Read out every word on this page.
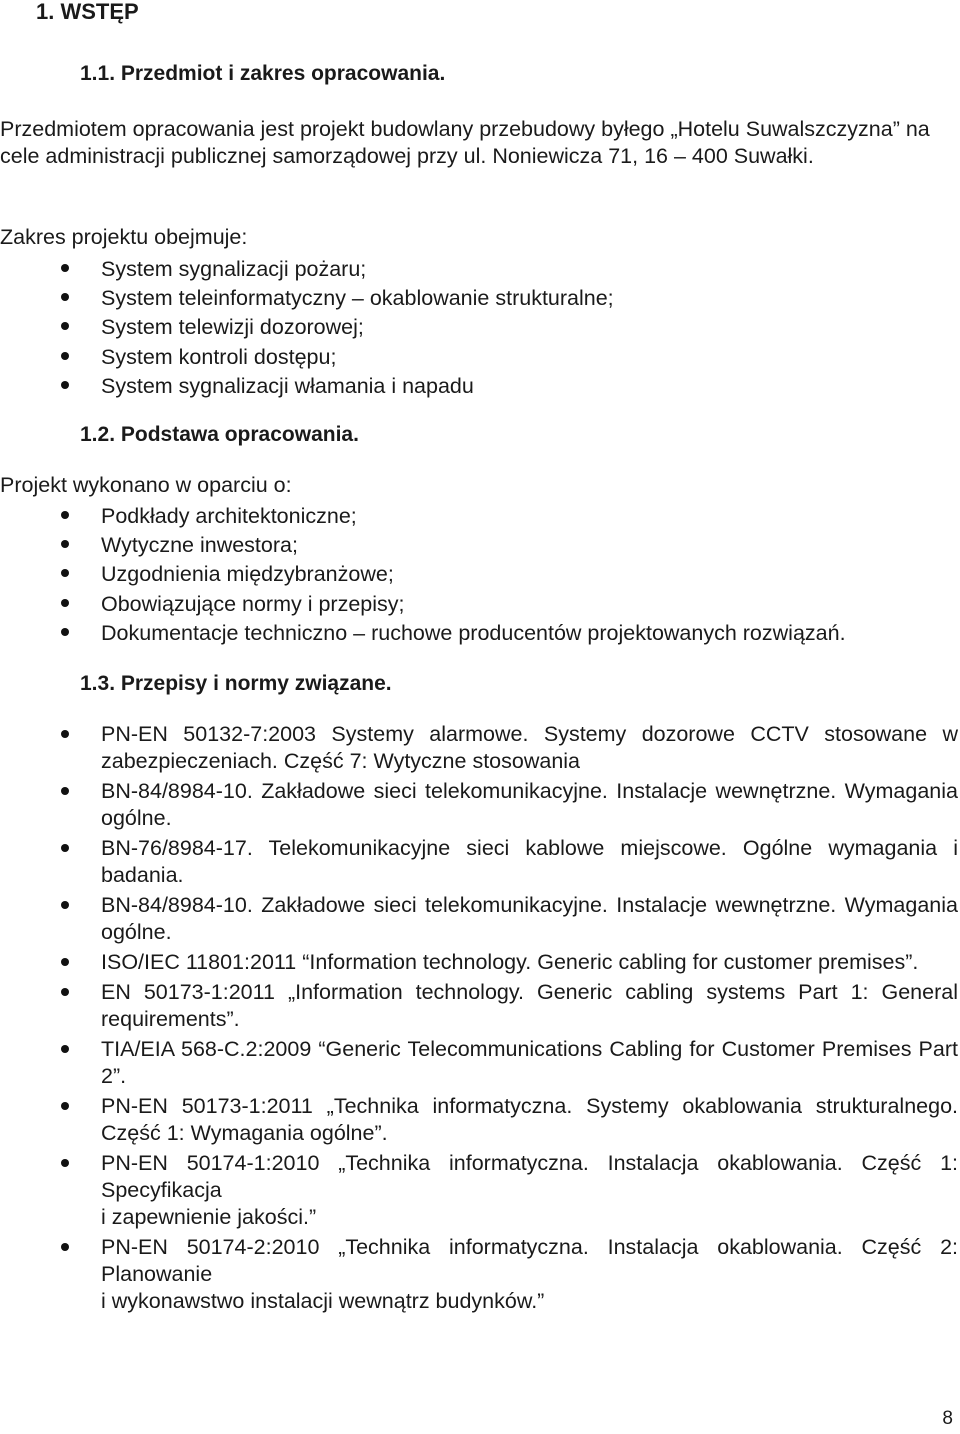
1. WSTĘP
1.1. Przedmiot i zakres opracowania.

Przedmiotem opracowania jest projekt budowlany przebudowy byłego „Hotelu Suwalszczyzna” na cele administracji publicznej samorządowej przy ul. Noniewicza 71, 16 – 400 Suwałki.

Zakres projektu obejmuje:

System sygnalizacji pożaru;
System teleinformatyczny – okablowanie strukturalne;
System telewizji dozorowej;
System kontroli dostępu;
System sygnalizacji włamania i napadu
1.2. Podstawa opracowania.

Projekt wykonano w oparciu o:

Podkłady architektoniczne;
Wytyczne inwestora;
Uzgodnienia międzybranżowe;
Obowiązujące normy i przepisy;
Dokumentacje techniczno – ruchowe producentów projektowanych rozwiązań.
1.3. Przepisy i normy związane.
PN-EN 50132-7:2003 Systemy alarmowe. Systemy dozorowe CCTV stosowane w zabezpieczeniach. Część 7: Wytyczne stosowania
BN-84/8984-10. Zakładowe sieci telekomunikacyjne. Instalacje wewnętrzne. Wymagania ogólne.
BN-76/8984-17. Telekomunikacyjne sieci kablowe miejscowe. Ogólne wymagania i badania.
BN-84/8984-10. Zakładowe sieci telekomunikacyjne. Instalacje wewnętrzne. Wymagania ogólne.
ISO/IEC 11801:2011 “Information technology. Generic cabling for customer premises”.
EN 50173-1:2011 „Information technology. Generic cabling systems Part 1: General requirements”.
TIA/EIA 568-C.2:2009 “Generic Telecommunications Cabling for Customer Premises Part 2”.
PN-EN 50173-1:2011 „Technika informatyczna. Systemy okablowania strukturalnego. Część 1: Wymagania ogólne”.
PN-EN 50174-1:2010 „Technika informatyczna. Instalacja okablowania. Część 1: Specyfikacja
i zapewnienie jakości.”
PN-EN 50174-2:2010 „Technika informatyczna. Instalacja okablowania. Część 2: Planowanie
i wykonawstwo instalacji wewnątrz budynków.”
8
